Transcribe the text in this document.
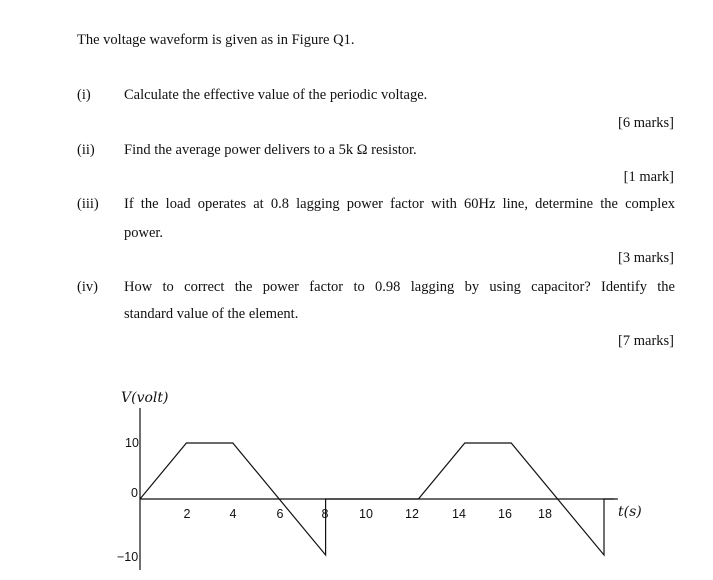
The voltage waveform is given as in Figure Q1.
(i) Calculate the effective value of the periodic voltage.
[6 marks]
(ii) Find the average power delivers to a 5k Ω resistor.
[1 mark]
(iii) If the load operates at 0.8 lagging power factor with 60Hz line, determine the complex
power.
[3 marks]
(iv) How to correct the power factor to 0.98 lagging by using capacitor? Identify the
standard value of the element.
[7 marks]
V(volt)
t(s)
10
0
−10
2	4	6	8 10	12	14	16 18
